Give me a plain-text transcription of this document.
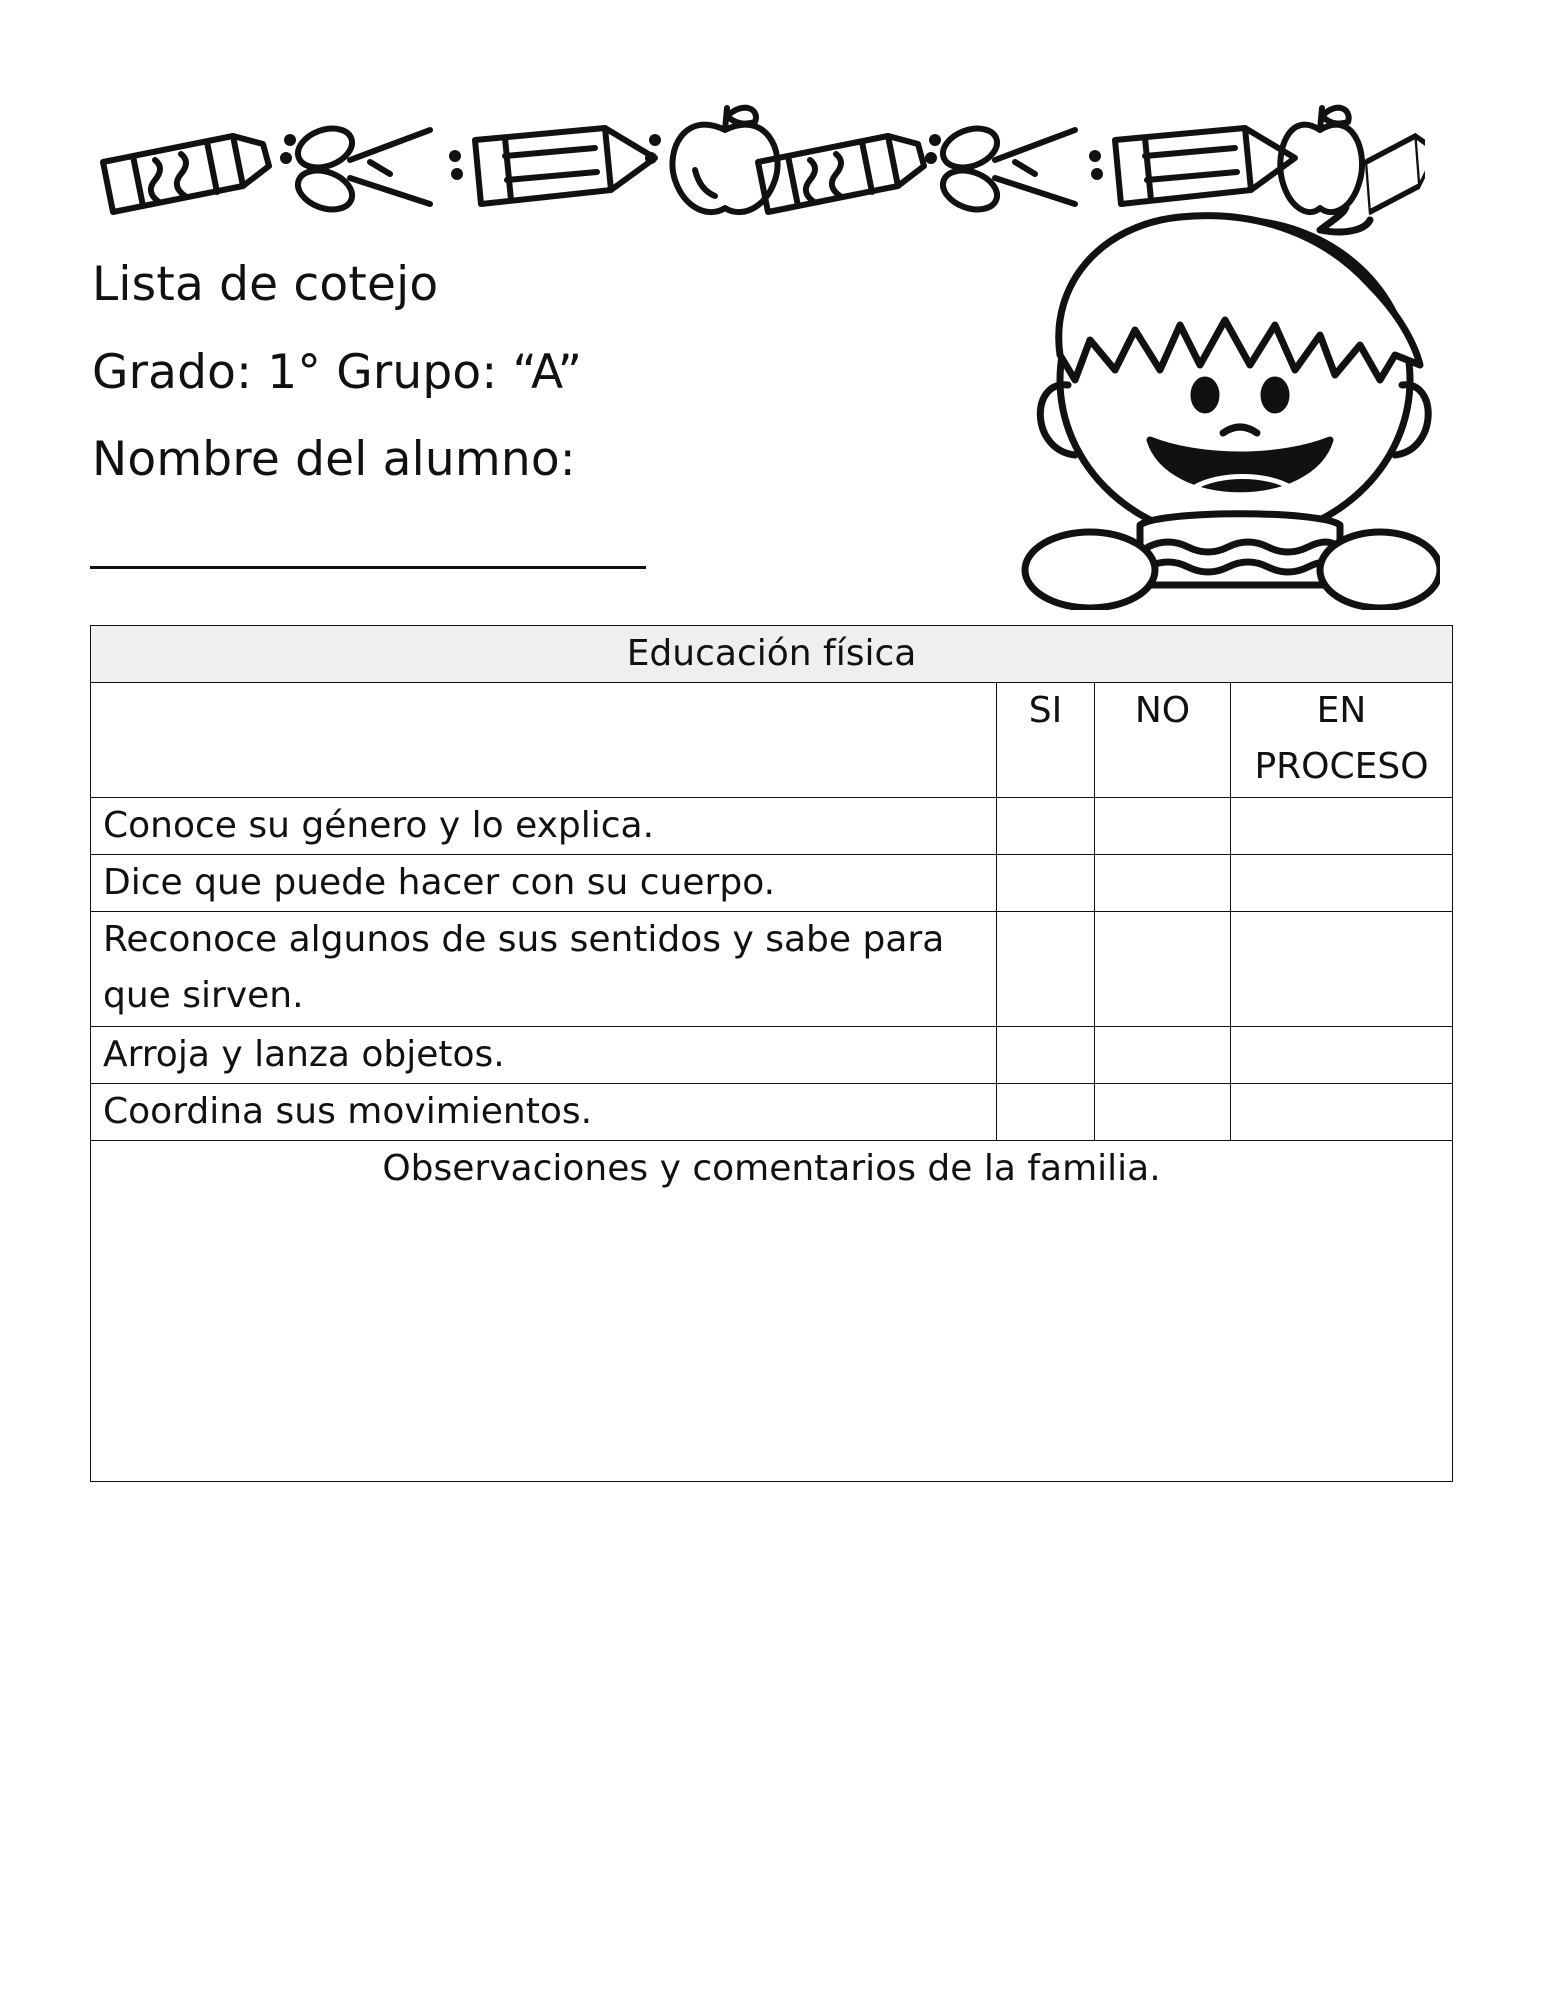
Lista de cotejo
Grado: 1° Grupo: “A”
Nombre del alumno:
Educación física			
	SI	NO	EN PROCESO
Conoce su género y lo explica.			
Dice que puede hacer con su cuerpo.			
Reconoce algunos de sus sentidos y sabe para que sirven.			
Arroja y lanza objetos.			
Coordina sus movimientos.			
Observaciones y comentarios de la familia.			
